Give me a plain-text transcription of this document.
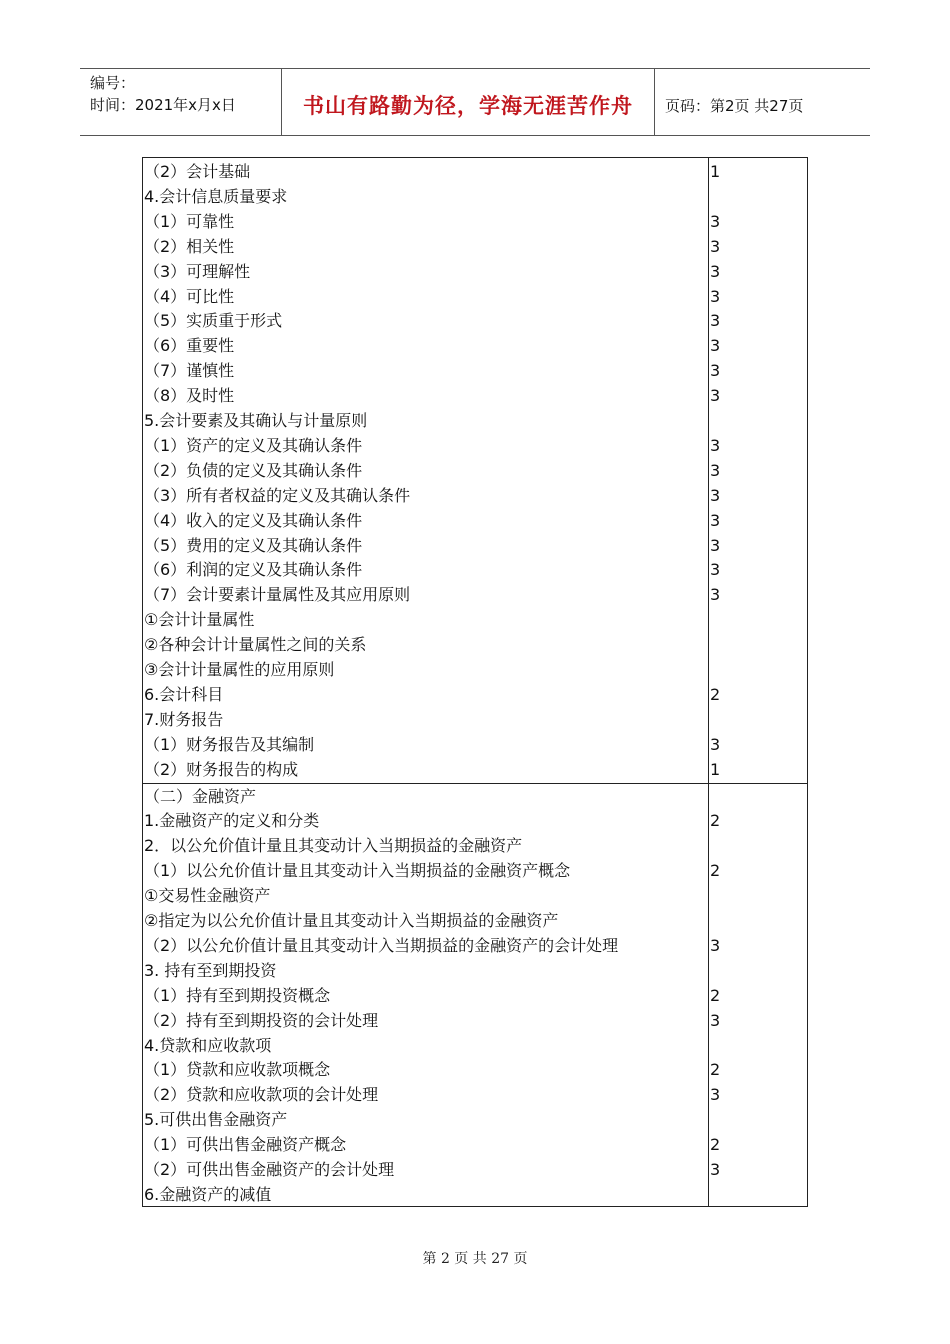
编号：
时间：2021年x月x日	书山有路勤为径，学海无涯苦作舟	页码：第2页 共27页
（2）会计基础	1
4.会计信息质量要求
（1）可靠性	3
（2）相关性	3
（3）可理解性	3
（4）可比性	3
（5）实质重于形式	3
（6）重要性	3
（7）谨慎性	3
（8）及时性	3
5.会计要素及其确认与计量原则
（1）资产的定义及其确认条件	3
（2）负债的定义及其确认条件	3
（3）所有者权益的定义及其确认条件	3
（4）收入的定义及其确认条件	3
（5）费用的定义及其确认条件	3
（6）利润的定义及其确认条件	3
（7）会计要素计量属性及其应用原则	3
①会计计量属性
②各种会计计量属性之间的关系
③会计计量属性的应用原则
6.会计科目	2
7.财务报告
（1）财务报告及其编制	3
（2）财务报告的构成	1
（二）金融资产
1.金融资产的定义和分类	2
2．以公允价值计量且其变动计入当期损益的金融资产
（1）以公允价值计量且其变动计入当期损益的金融资产概念	2
①交易性金融资产
②指定为以公允价值计量且其变动计入当期损益的金融资产
（2）以公允价值计量且其变动计入当期损益的金融资产的会计处理	3
3. 持有至到期投资
（1）持有至到期投资概念	2
（2）持有至到期投资的会计处理	3
4.贷款和应收款项
（1）贷款和应收款项概念	2
（2）贷款和应收款项的会计处理	3
5.可供出售金融资产
（1）可供出售金融资产概念	2
（2）可供出售金融资产的会计处理	3
6.金融资产的减值
第 2 页 共 27 页
